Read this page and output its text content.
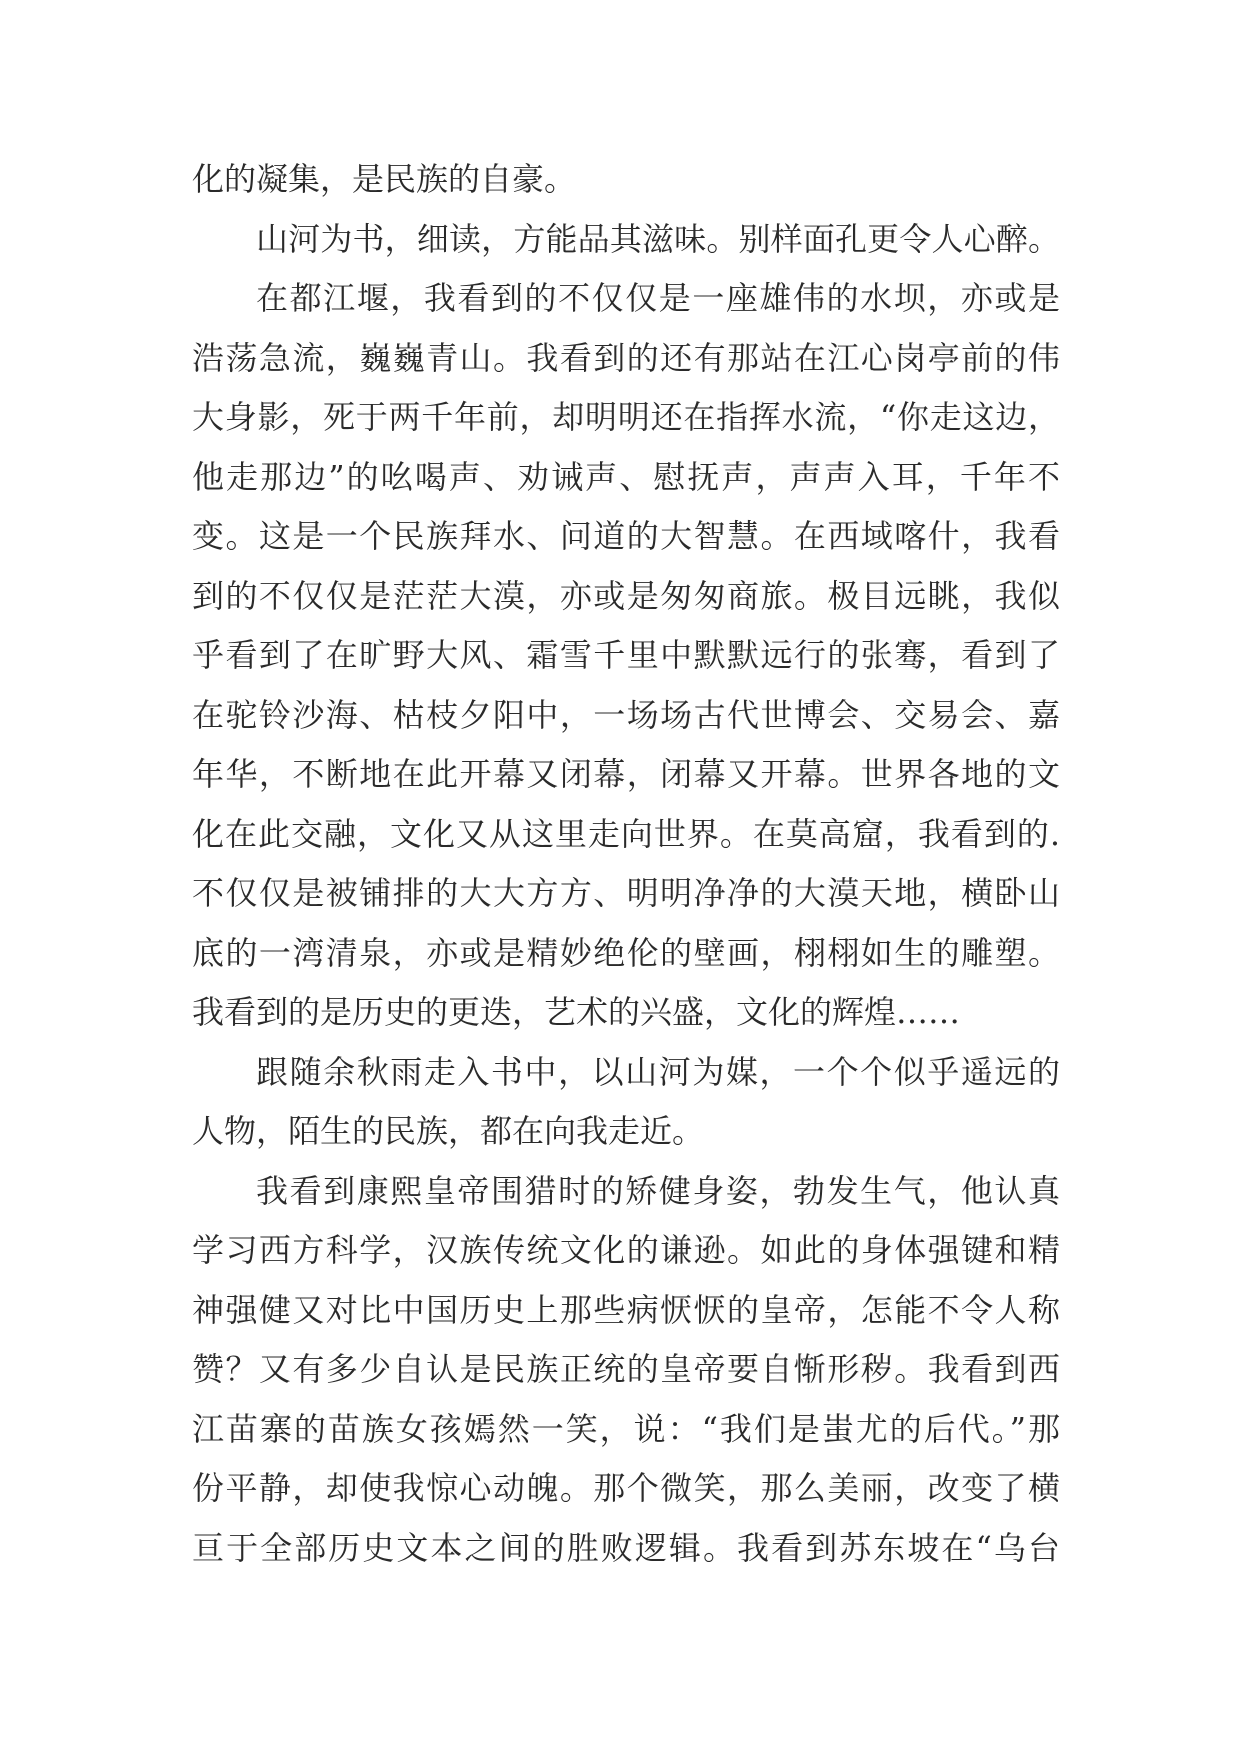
化的凝集，是民族的自豪。
山河为书，细读，方能品其滋味。别样面孔更令人心醉。
在都江堰，我看到的不仅仅是一座雄伟的水坝，亦或是
浩荡急流，巍巍青山。我看到的还有那站在江心岗亭前的伟
大身影，死于两千年前，却明明还在指挥水流，“你走这边，
他走那边”的吆喝声、劝诫声、慰抚声，声声入耳，千年不
变。这是一个民族拜水、问道的大智慧。在西域喀什，我看
到的不仅仅是茫茫大漠，亦或是匆匆商旅。极目远眺，我似
乎看到了在旷野大风、霜雪千里中默默远行的张骞，看到了
在驼铃沙海、枯枝夕阳中，一场场古代世博会、交易会、嘉
年华，不断地在此开幕又闭幕，闭幕又开幕。世界各地的文
化在此交融，文化又从这里走向世界。在莫高窟，我看到的.
不仅仅是被铺排的大大方方、明明净净的大漠天地，横卧山
底的一湾清泉，亦或是精妙绝伦的壁画，栩栩如生的雕塑。
我看到的是历史的更迭，艺术的兴盛，文化的辉煌……
跟随余秋雨走入书中，以山河为媒，一个个似乎遥远的
人物，陌生的民族，都在向我走近。
我看到康熙皇帝围猎时的矫健身姿，勃发生气，他认真
学习西方科学，汉族传统文化的谦逊。如此的身体强键和精
神强健又对比中国历史上那些病恹恹的皇帝，怎能不令人称
赞？又有多少自认是民族正统的皇帝要自惭形秽。我看到西
江苗寨的苗族女孩嫣然一笑，说：“我们是蚩尤的后代。”那
份平静，却使我惊心动魄。那个微笑，那么美丽，改变了横
亘于全部历史文本之间的胜败逻辑。我看到苏东坡在“乌台
